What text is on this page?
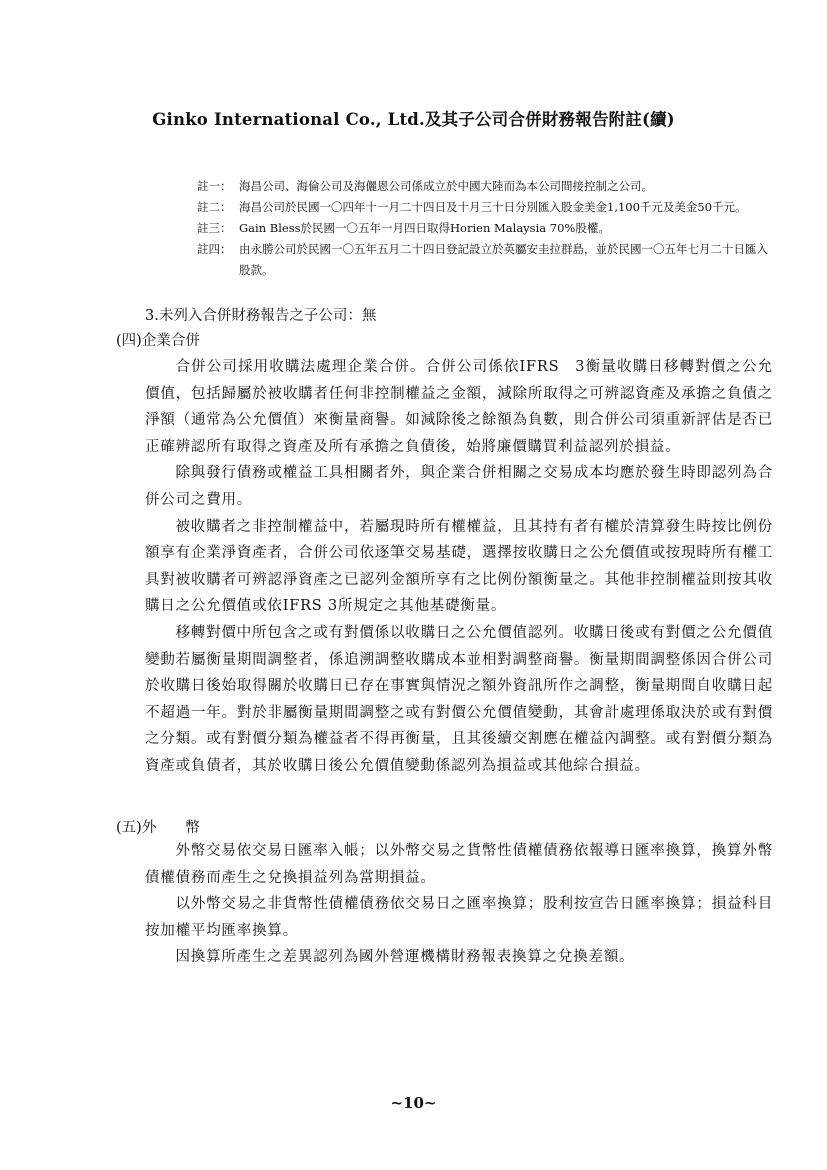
Ginko International Co., Ltd.及其子公司合併財務報告附註(續)
註一： 海昌公司、海倫公司及海儷恩公司係成立於中國大陸而為本公司間接控制之公司。
註二： 海昌公司於民國一〇四年十一月二十四日及十月三十日分別匯入股金美金1,100千元及美金50千元。
註三： Gain Bless於民國一〇五年一月四日取得Horien Malaysia 70%股權。
註四： 由永勝公司於民國一〇五年五月二十四日登記設立於英屬安圭拉群島，並於民國一〇五年七月二十日匯入股款。
3.未列入合併財務報告之子公司：無
(四)企業合併

合併公司採用收購法處理企業合併。合併公司係依IFRS　3衡量收購日移轉對價之公允價值，包括歸屬於被收購者任何非控制權益之金額，減除所取得之可辨認資產及承擔之負債之淨額（通常為公允價值）來衡量商譽。如減除後之餘額為負數，則合併公司須重新評估是否已正確辨認所有取得之資產及所有承擔之負債後，始將廉價購買利益認列於損益。

除與發行債務或權益工具相關者外，與企業合併相關之交易成本均應於發生時即認列為合併公司之費用。

被收購者之非控制權益中，若屬現時所有權權益，且其持有者有權於清算發生時按比例份額享有企業淨資產者，合併公司依逐筆交易基礎，選擇按收購日之公允價值或按現時所有權工具對被收購者可辨認淨資產之已認列金額所享有之比例份額衡量之。其他非控制權益則按其收購日之公允價值或依IFRS 3所規定之其他基礎衡量。

移轉對價中所包含之或有對價係以收購日之公允價值認列。收購日後或有對價之公允價值變動若屬衡量期間調整者，係追溯調整收購成本並相對調整商譽。衡量期間調整係因合併公司於收購日後始取得關於收購日已存在事實與情況之額外資訊所作之調整，衡量期間自收購日起不超過一年。對於非屬衡量期間調整之或有對價公允價值變動，其會計處理係取決於或有對價之分類。或有對價分類為權益者不得再衡量，且其後續交割應在權益內調整。或有對價分類為資產或負債者，其於收購日後公允價值變動係認列為損益或其他綜合損益。

(五)外　　幣

外幣交易依交易日匯率入帳；以外幣交易之貨幣性債權債務依報導日匯率換算，換算外幣債權債務而產生之兌換損益列為當期損益。

以外幣交易之非貨幣性債權債務依交易日之匯率換算；股利按宣告日匯率換算；損益科目按加權平均匯率換算。

因換算所產生之差異認列為國外營運機構財務報表換算之兌換差額。

~10~
